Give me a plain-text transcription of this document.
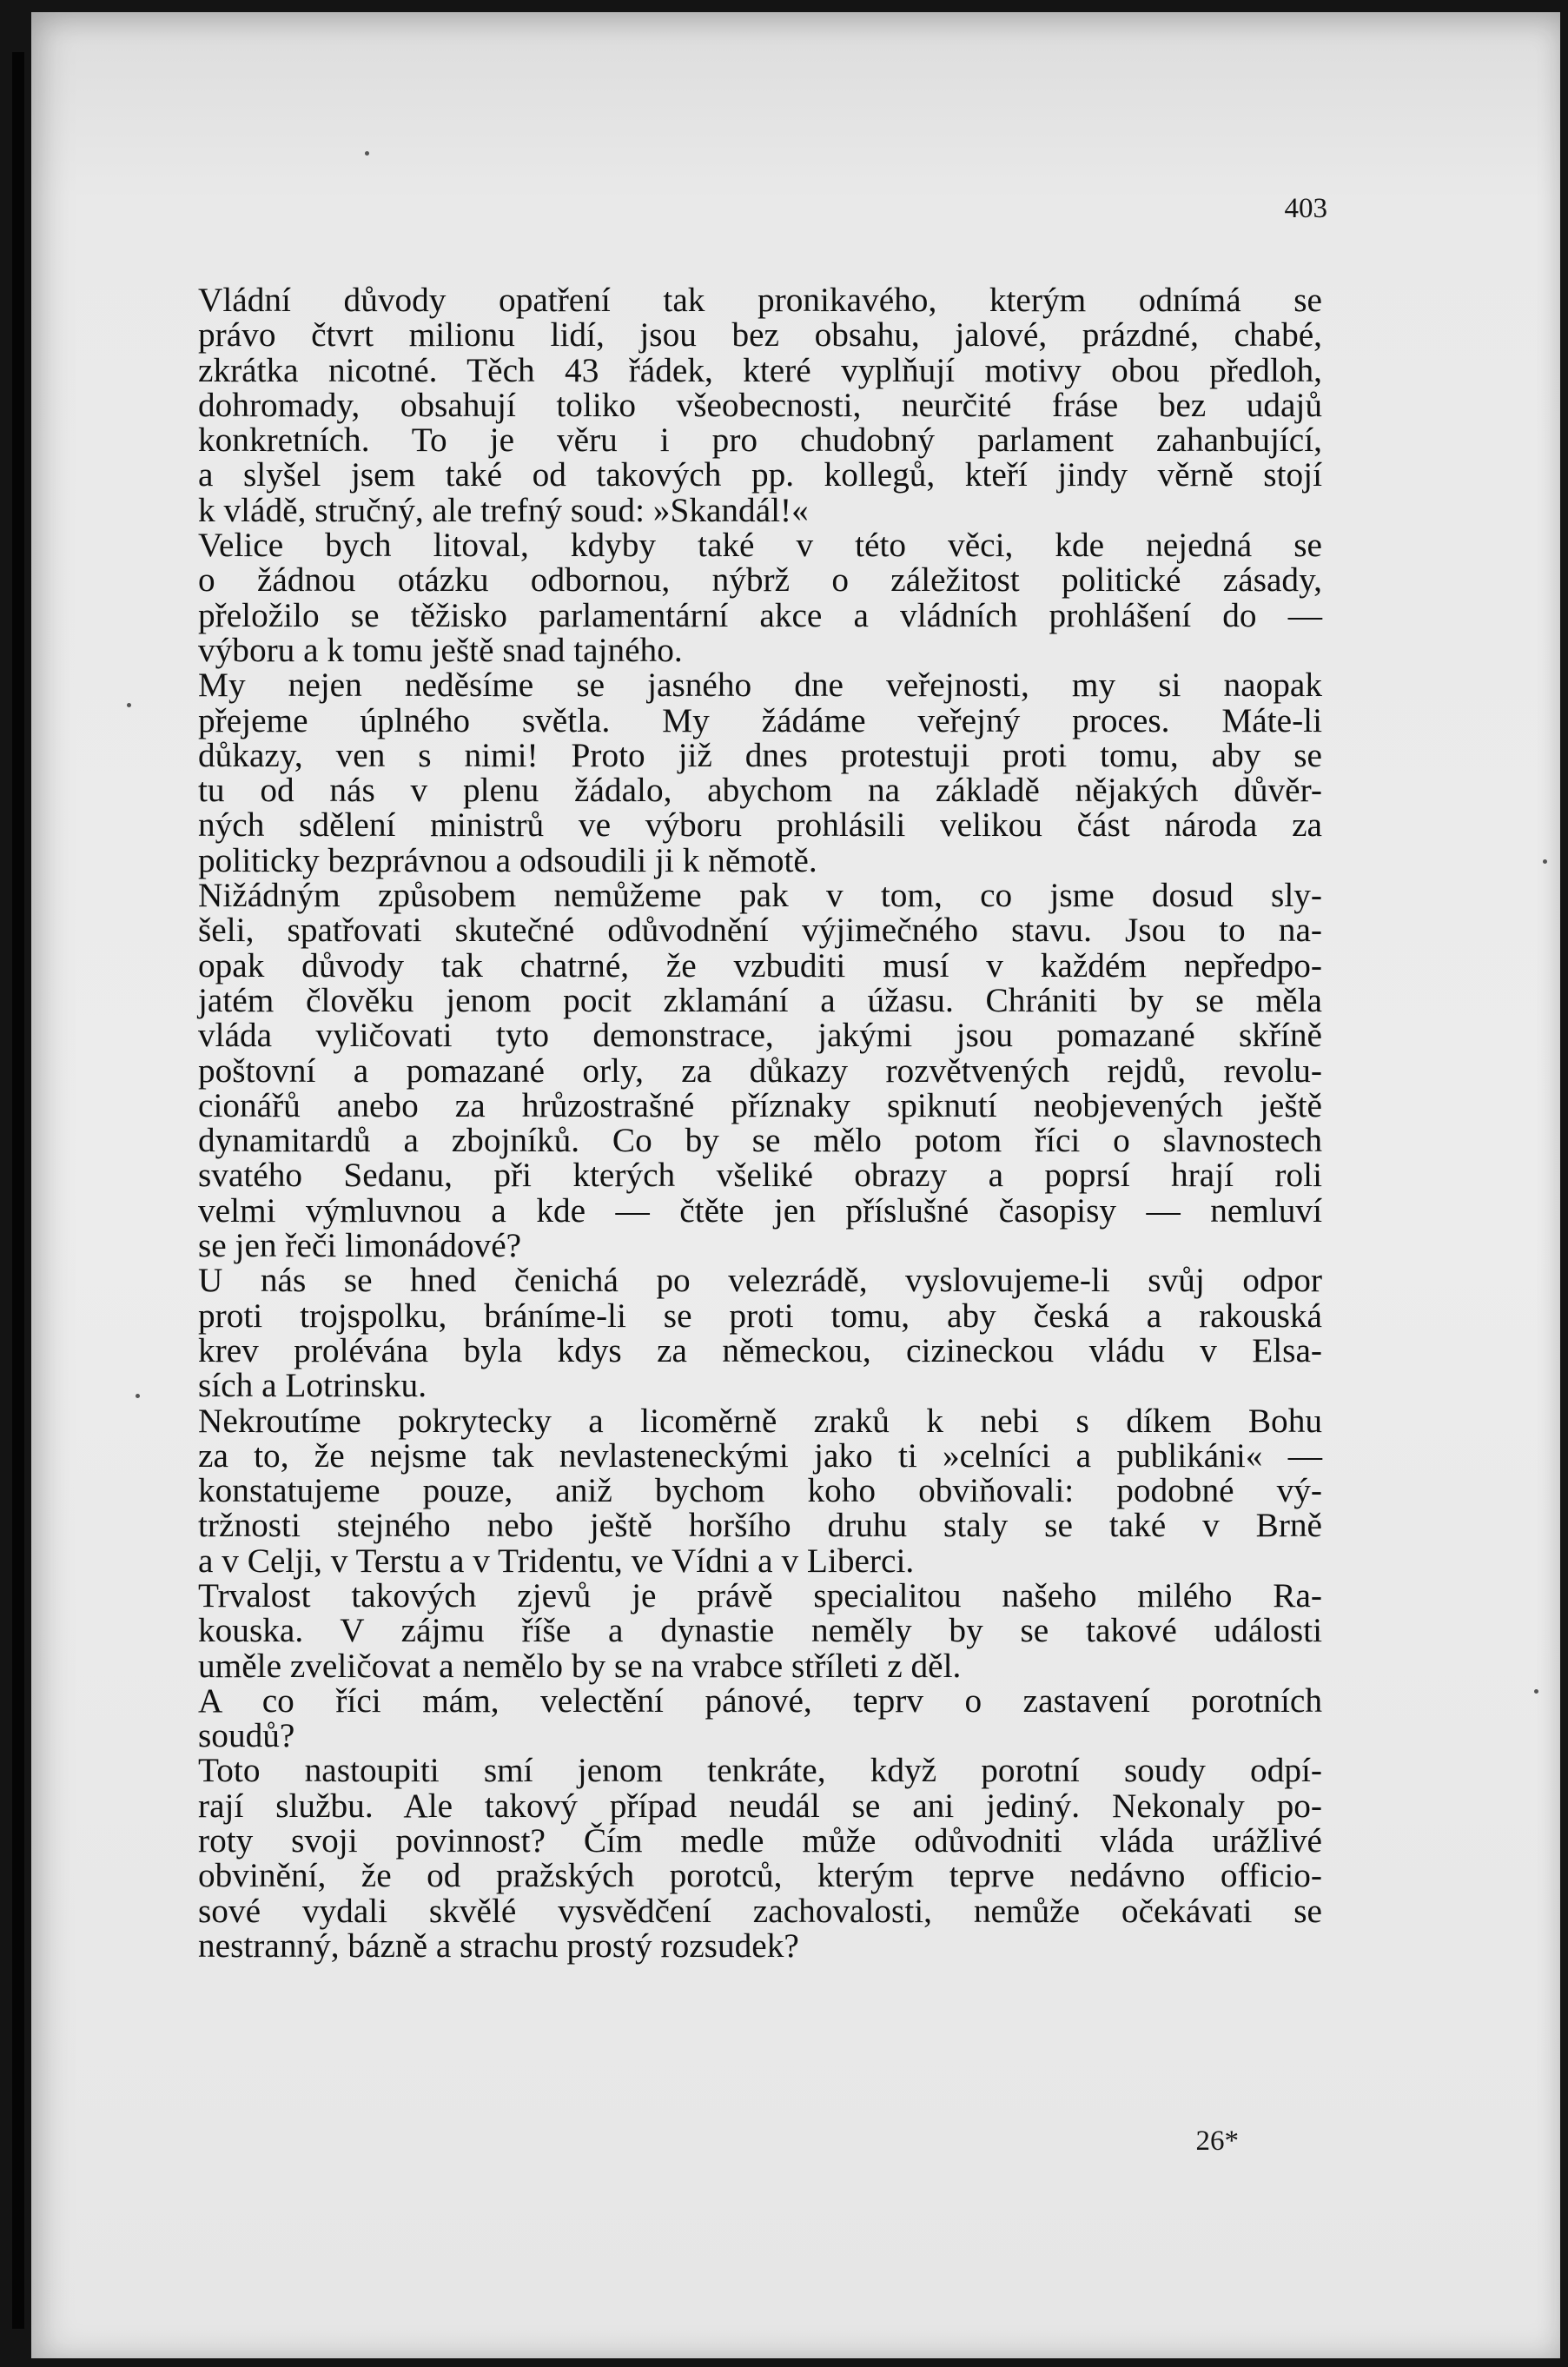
403
Vládní důvody opatření tak pronikavého, kterým odnímá se
právo čtvrt milionu lidí, jsou bez obsahu, jalové, prázdné, chabé,
zkrátka nicotné. Těch 43 řádek, které vyplňují motivy obou předloh,
dohromady, obsahují toliko všeobecnosti, neurčité fráse bez udajů
konkretních. To je věru i pro chudobný parlament zahanbující,
a slyšel jsem také od takových pp. kollegů, kteří jindy věrně stojí
k vládě, stručný, ale trefný soud: »Skandál!«
Velice bych litoval, kdyby také v této věci, kde nejedná se
o žádnou otázku odbornou, nýbrž o záležitost politické zásady,
přeložilo se těžisko parlamentární akce a vládních prohlášení do —
výboru a k tomu ještě snad tajného.
My nejen neděsíme se jasného dne veřejnosti, my si naopak
přejeme úplného světla. My žádáme veřejný proces. Máte-li
důkazy, ven s nimi! Proto již dnes protestuji proti tomu, aby se
tu od nás v plenu žádalo, abychom na základě nějakých důvěr-
ných sdělení ministrů ve výboru prohlásili velikou část národa za
politicky bezprávnou a odsoudili ji k němotě.
Nižádným způsobem nemůžeme pak v tom, co jsme dosud sly-
šeli, spatřovati skutečné odůvodnění výjimečného stavu. Jsou to na-
opak důvody tak chatrné, že vzbuditi musí v každém nepředpo-
jatém člověku jenom pocit zklamání a úžasu. Chrániti by se měla
vláda vyličovati tyto demonstrace, jakými jsou pomazané skříně
poštovní a pomazané orly, za důkazy rozvětvených rejdů, revolu-
cionářů anebo za hrůzostrašné příznaky spiknutí neobjevených ještě
dynamitardů a zbojníků. Co by se mělo potom říci o slavnostech
svatého Sedanu, při kterých všeliké obrazy a poprsí hrají roli
velmi výmluvnou a kde — čtěte jen příslušné časopisy — nemluví
se jen řeči limonádové?
U nás se hned čenichá po velezrádě, vyslovujeme-li svůj odpor
proti trojspolku, bráníme-li se proti tomu, aby česká a rakouská
krev prolévána byla kdys za německou, cizineckou vládu v Elsa-
sích a Lotrinsku.
Nekroutíme pokrytecky a licoměrně zraků k nebi s díkem Bohu
za to, že nejsme tak nevlasteneckými jako ti »celníci a publikáni« —
konstatujeme pouze, aniž bychom koho obviňovali: podobné vý-
tržnosti stejného nebo ještě horšího druhu staly se také v Brně
a v Celji, v Terstu a v Tridentu, ve Vídni a v Liberci.
Trvalost takových zjevů je právě specialitou našeho milého Ra-
kouska. V zájmu říše a dynastie neměly by se takové události
uměle zveličovat a nemělo by se na vrabce stříleti z děl.
A co říci mám, velectění pánové, teprv o zastavení porotních
soudů?
Toto nastoupiti smí jenom tenkráte, když porotní soudy odpí-
rají službu. Ale takový případ neudál se ani jediný. Nekonaly po-
roty svoji povinnost? Čím medle může odůvodniti vláda urážlivé
obvinění, že od pražských porotců, kterým teprve nedávno officio-
sové vydali skvělé vysvědčení zachovalosti, nemůže očekávati se
nestranný, bázně a strachu prostý rozsudek?
26*
